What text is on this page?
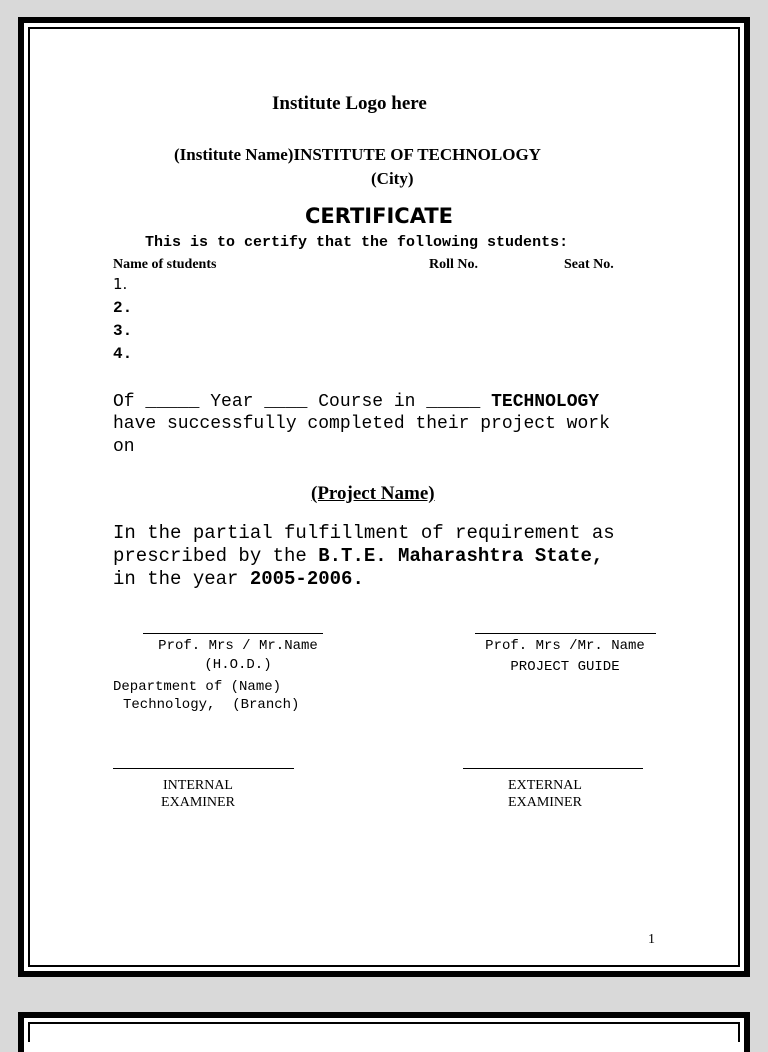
Institute Logo here
(Institute Name)INSTITUTE OF TECHNOLOGY
(City)
CERTIFICATE
This is to certify that the following students:
Name of students	Roll No.	Seat No.
1.
2.
3.
4.
Of _____ Year ____ Course in _____ TECHNOLOGY
have successfully completed their project work
on
(Project Name)
In the partial fulfillment of requirement as
prescribed by the B.T.E. Maharashtra State,
in the year 2005-2006.
Prof. Mrs / Mr.Name
(H.O.D.)
Department of (Name)
Technology,  (Branch)
Prof. Mrs /Mr. Name
PROJECT GUIDE
INTERNAL
EXAMINER
EXTERNAL
EXAMINER
1
